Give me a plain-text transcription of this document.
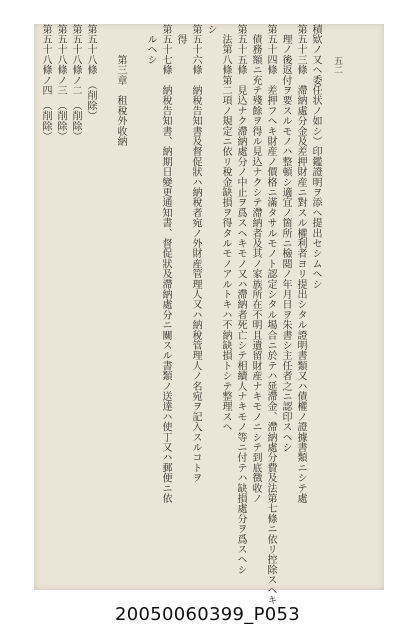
五二
積欵ノ又ヘ委任状ノ如シ）印鑑證明ヲ添ヘ提出セシムヘシ
第五十三條　滯納處分金及差押財産ニ對スル權利者ヨリ提出シタル證明書類又ハ債權ノ證據書類ニシテ處
　理ノ後返付ヲ要スルモノハ整頓シ適宜ノ箇所ニ檢閲ノ年月日ヲ朱書シ主任者之ニ認印スヘシ
第五十四條　差押フヘキ財産ノ價格ニ滿タサルモノト認定シタル場合ニ於テハ延滯金、滯納處分費及法第七條ニ依リ控除スヘキ
　債務額ニ充テ殘餘ヲ得ル見込ナクシテ滯納者及其ノ家族所在不明且遺留財産ナキモノニシテ到底徴收ノ
第五十五條　見込ナク滯納處分ノ中止ヲ爲スヘキモノ又ハ滯納者死亡シテ相續人ナキモノ等ニ付テハ缺損處分ヲ爲スヘシ
　法第八條第二項ノ規定ニ依リ稅金缺損ヲ得タルモノアルトキハ不納缺損トシテ整理スヘ
シ
第五十六條　納稅告知書及督促狀ハ納稅者宛ノ外財産管理人又ハ納稅管理人ノ名宛ヲ記入スルコトヲ
　得
第五十七條　納稅告知書、納期日變更通知書、督促狀及滯納處分ニ關スル書類ノ送達ハ使丁又ハ郵便ニ依
　ルヘシ
　　　第三章　租稅外收納
第五十八條　（削除）
第五十八條ノ二　（削除）
第五十八條ノ三　（削除）
第五十八條ノ四　（削除）
20050060399_P053
